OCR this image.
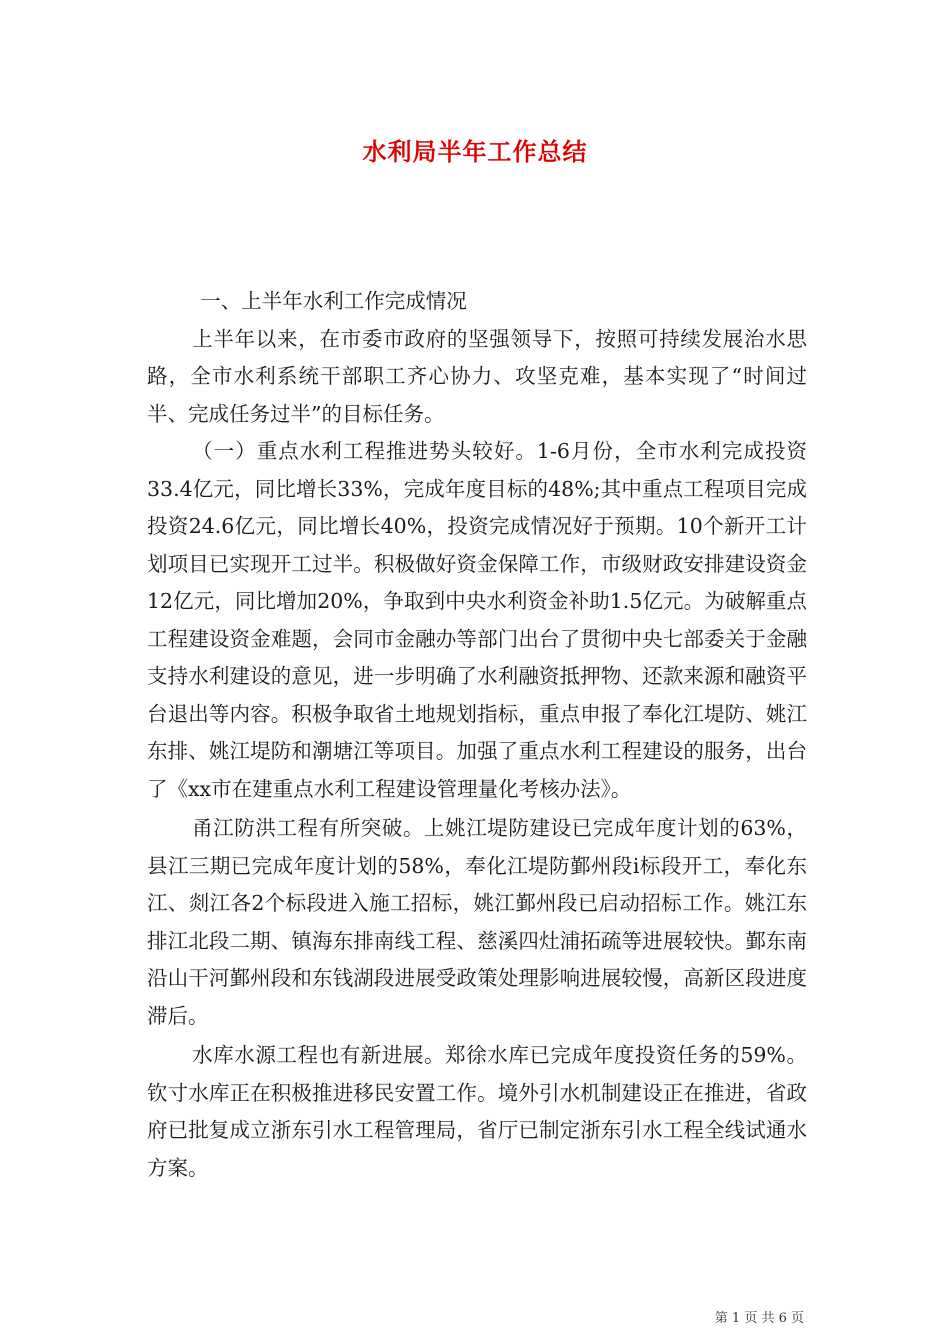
水利局半年工作总结

一、上半年水利工作完成情况

上半年以来，在市委市政府的坚强领导下，按照可持续发展治水思路，全市水利系统干部职工齐心协力、攻坚克难，基本实现了“时间过半、完成任务过半”的目标任务。

（一）重点水利工程推进势头较好。1-6月份，全市水利完成投资33.4亿元，同比增长33%，完成年度目标的48%;其中重点工程项目完成投资24.6亿元，同比增长40%，投资完成情况好于预期。10个新开工计划项目已实现开工过半。积极做好资金保障工作，市级财政安排建设资金12亿元，同比增加20%，争取到中央水利资金补助1.5亿元。为破解重点工程建设资金难题，会同市金融办等部门出台了贯彻中央七部委关于金融支持水利建设的意见，进一步明确了水利融资抵押物、还款来源和融资平台退出等内容。积极争取省土地规划指标，重点申报了奉化江堤防、姚江东排、姚江堤防和潮塘江等项目。加强了重点水利工程建设的服务，出台了《xx市在建重点水利工程建设管理量化考核办法》。

甬江防洪工程有所突破。上姚江堤防建设已完成年度计划的63%，县江三期已完成年度计划的58%，奉化江堤防鄞州段ⅰ标段开工，奉化东江、剡江各2个标段进入施工招标，姚江鄞州段已启动招标工作。姚江东排江北段二期、镇海东排南线工程、慈溪四灶浦拓疏等进展较快。鄞东南沿山干河鄞州段和东钱湖段进展受政策处理影响进展较慢，高新区段进度滞后。

水库水源工程也有新进展。郑徐水库已完成年度投资任务的59%。钦寸水库正在积极推进移民安置工作。境外引水机制建设正在推进，省政府已批复成立浙东引水工程管理局，省厅已制定浙东引水工程全线试通水方案。

第 1 页 共 6 页
